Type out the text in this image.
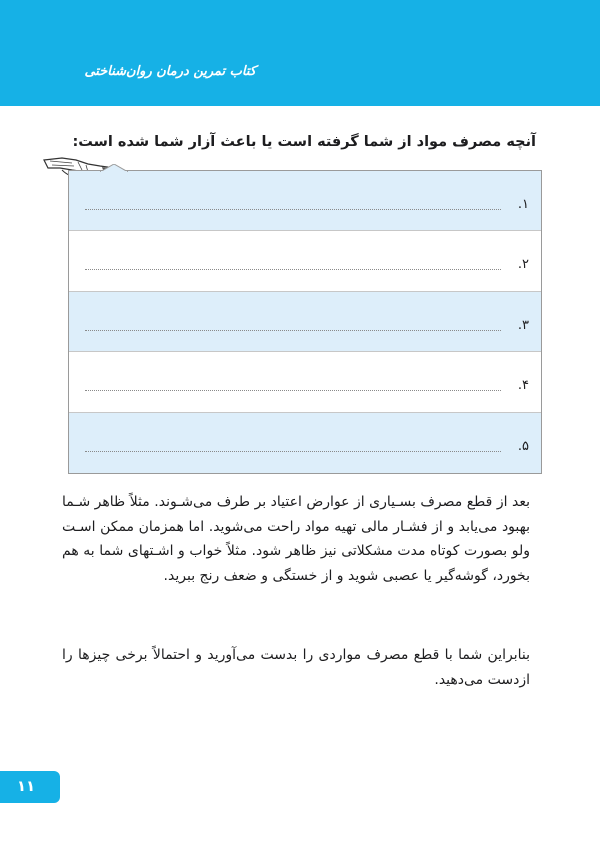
کتاب تمرین درمان روان‌شناختی
آنچه مصرف مواد از شما گرفته است یا باعث آزار شما شده است:
۱.
۲.
۳.
۴.
۵.

بعد از قطع مصرف بسـیاری از عوارض اعتیاد بر طرف می‌شـوند. مثلاً ظاهر شـما بهبود می‌یابد و از فشـار مالی تهیه مواد راحت می‌شوید. اما همزمان ممکن اسـت ولو بصورت کوتاه مدت مشکلاتی نیز ظاهر شود. مثلاً خواب و اشـتهای شما به هم بخورد، گوشه‌گیر یا عصبی شوید و از خستگی و ضعف رنج ببرید.

بنابراین شما با قطع مصرف مواردی را بدست می‌آورید و احتمالاً برخی چیزها را ازدست می‌دهید.

۱۱
